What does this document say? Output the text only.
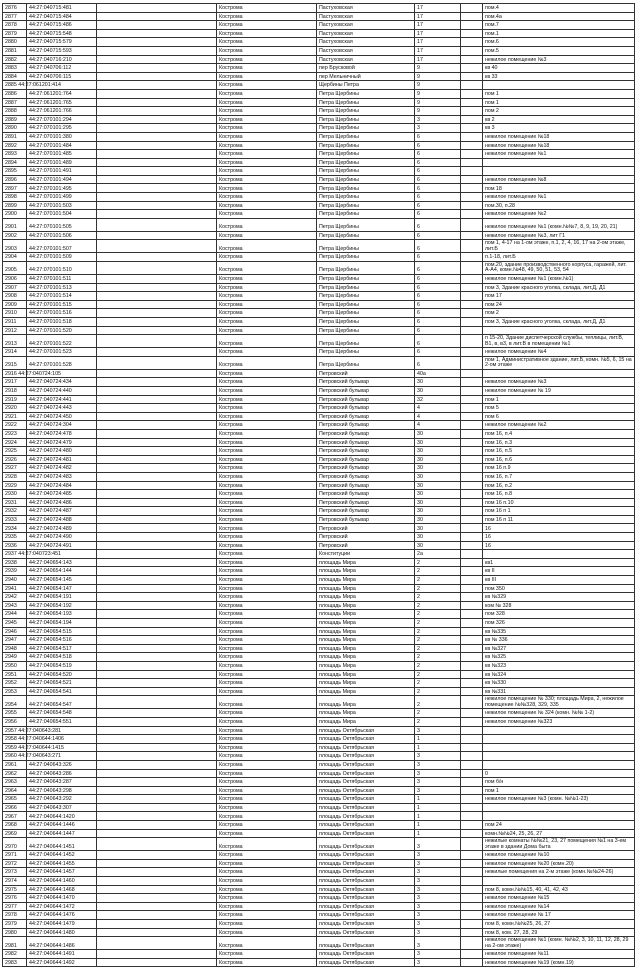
2876	44:27:040715:481		Кострома	Пастуховская	17		пом.4
2877	44:27:040715:484		Кострома	Пастуховская	17		пом.4а
2878	44:27:040715:486		Кострома	Пастуховская	17		пом.7
2879	44:27:040715:548		Кострома	Пастуховская	17		пом.1
2880	44:27:040715:579		Кострома	Пастуховская	17		пом.6
2881	44:27:040715:593		Кострома	Пастуховская	17		пом.5
2882	44:27:040716:210		Кострома	Пастуховская	17		нежилое помещение №3
2883	44:27:040706:112		Кострома	пер Брусковой	9		кв 40
2884	44:27:040706:115		Кострома	пер Мельничный	9		кв 33
2885 44:27:061201:414			Кострома	Щербины Петра	9		
2886	44:27:061201:764		Кострома	Петра Щербины	9		пом 1
2887	44:27:061201:765		Кострома	Петра Щербины	9		пом 1
2888	44:27:061201:766		Кострома	Петра Щербины	9		пом 2
2889	44:27:070101:294		Кострома	Петра Щербины	3		кв 2
2890	44:27:070101:295		Кострома	Петра Щербины	3		кв 3
2891	44:27:070101:380		Кострома	Петра Щербины	6		нежилое помещение №18
2892	44:27:070101:484		Кострома	Петра Щербины	6		нежилое помещение №18
2893	44:27:070101:485		Кострома	Петра Щербины	6		нежилое помещение №1
2894	44:27:070101:489		Кострома	Петра Щербины	6		
2895	44:27:070101:491		Кострома	Петра Щербины	6		
2896	44:27:070101:494		Кострома	Петра Щербины	6		нежилое помещение №8
2897	44:27:070101:495		Кострома	Петра Щербины	6		пом 18
2898	44:27:070101:499		Кострома	Петра Щербины	6		нежилое помещение №1
2899	44:27:070101:503		Кострома	Петра Щербины	6		пом.30, п.28
2900	44:27:070101:504		Кострома	Петра Щербины	6		нежилое помещение №2
2901	44:27:070101:505		Кострома	Петра Щербины	6		нежилое помещение №1 (комн.№№7, 8, 9, 19, 20, 21)
2902	44:27:070101:506		Кострома	Петра Щербины	6		нежилое помещение №3, лит Г1
2903	44:27:070101:507		Кострома	Петра Щербины	6		пом 1, 4-17 на 1-ом этаже, п.1, 2, 4, 16, 17 на 2-ом этаже, лит.Б
2904	44:27:070101:509		Кострома	Петра Щербины	6		п.1-18, лит.Б
2905	44:27:070101:510		Кострома	Петра Щербины	6		пом.20, здание производственного корпуса, гаражей, лит. А-А4, комн.№48, 49, 50, 51, 53, 54
2906	44:27:070101:511		Кострома	Петра Щербины	6		нежилое помещение №1 (комн.№1)
2907	44:27:070101:513		Кострома	Петра Щербины	6		пом 3, Здание красного уголка, склада, лит.Д, Д1
2908	44:27:070101:514		Кострома	Петра Щербины	6		пом 17
2909	44:27:070101:515		Кострома	Петра Щербины	6		пом 24
2910	44:27:070101:516		Кострома	Петра Щербины	6		пом 2
2911	44:27:070101:518		Кострома	Петра Щербины	6		пом 3, Здание красного уголка, склада, лит.Д, Д1
2912	44:27:070101:520		Кострома	Петра Щербины	6		
2913	44:27:070101:522		Кострома	Петра Щербины	6		п 15-20, Здание диспетчерской службы, теплицы, лит.В, В1, в, в3, в лит.В в помещении №1
2914	44:27:070101:523		Кострома	Петра Щербины	6		нежилое помещение №4
2915	44:27:070101:528		Кострома	Петра Щербины	6		пом 1, Административное здание, лит.Б, комн. №5, 6, 15 на 2-ом этаже
2916 44:27:040724:105			Кострома	Петровский	40а		
2917	44:27:040724:434		Кострома	Петровский бульвар	30		нежилое помещение №3
2918	44:27:040724:440		Кострома	Петровский бульвар	30		нежилое помещение № 19
2919	44:27:040724:441		Кострома	Петровский бульвар	32		пом 1
2920	44:27:040724:443		Кострома	Петровский бульвар	4		пом 5
2921	44:27:040724:450		Кострома	Петровский бульвар	4		пом 6
2922	44:27:040724:304		Кострома	Петровский бульвар	4		нежилое помещение №2
2923	44:27:040724:478		Кострома	Петровский бульвар	30		пом 16, п.4
2924	44:27:040724:479		Кострома	Петровский бульвар	30		пом 16, п.3
2925	44:27:040724:480		Кострома	Петровский бульвар	30		пом 16, п.5
2926	44:27:040724:481		Кострома	Петровский бульвар	30		пом 16, п.6
2927	44:27:040724:482		Кострома	Петровский бульвар	30		пом 16 п.9
2928	44:27:040724:483		Кострома	Петровский бульвар	30		пом 16, п.7
2929	44:27:040724:484		Кострома	Петровский бульвар	30		пом 16, п.2
2930	44:27:040724:485		Кострома	Петровский бульвар	30		пом 16, п.8
2931	44:27:040724:486		Кострома	Петровский бульвар	30		пом 16 п.10
2932	44:27:040724:487		Кострома	Петровский бульвар	30		пом 16 п 1
2933	44:27:040724:488		Кострома	Петровский бульвар	30		пом 16 п 11
2934	44:27:040724:489		Кострома	Петровский	30		16
2935	44:27:040724:490		Кострома	Петровский	30		16
2936	44:27:040724:491		Кострома	Петровский	30		16
2937 44:27:040723:451			Кострома	Конституции	2а		
2938	44:27:040654:143		Кострома	площадь Мира	2		кв1
2939	44:27:040654:144		Кострома	площадь Мира	2		кв II
2940	44:27:040654:145		Кострома	площадь Мира	2		кв III
2941	44:27:040654:147		Кострома	площадь Мира	2		пом 350
2942	44:27:040654:191		Кострома	площадь Мира	2		кв №329
2943	44:27:040654:192		Кострома	площадь Мира	2		ком № 328
2944	44:27:040654:193		Кострома	площадь Мира	2		пом 328
2945	44:27:040654:194		Кострома	площадь Мира	2		пом 326
2946	44:27:040654:515		Кострома	площадь Мира	2		кв №335
2947	44:27:040654:516		Кострома	площадь Мира	2		кв № 336
2948	44:27:040654:517		Кострома	площадь Мира	2		кв №327
2949	44:27:040654:518		Кострома	площадь Мира	2		кв №325
2950	44:27:040654:519		Кострома	площадь Мира	2		кв №323
2951	44:27:040654:520		Кострома	площадь Мира	2		кв №324
2952	44:27:040654:521		Кострома	площадь Мира	2		кв №330
2953	44:27:040654:541		Кострома	площадь Мира	2		кв №331
2954	44:27:040654:547		Кострома	площадь Мира	2		нежилое помещение № 330; площадь Мира, 2, нежилое помещение №№328, 329, 335
2955	44:27:040654:548		Кострома	площадь Мира	2		нежилое помещение № 324 (комн. №№ 1-2)
2956	44:27:040654:551		Кострома	площадь Мира	2		нежилое помещение №323
2957 44:27:040643:281			Кострома	площадь Октябрьская	3		
2958 44:27:040644:1406			Кострома	площадь Октябрьская	1		
2959 44:27:040644:1415			Кострома	площадь Октябрьская	1		
2960 44:27:040643:271			Кострома	площадь Октябрьская	3		
2961	44:27:040643:326		Кострома	площадь Октябрьская	3		
2962	44:27:040643:286		Кострома	площадь Октябрьская	3		0
2963	44:27:040643:287		Кострома	площадь Октябрьская	3		пом б/н
2964	44:27:040643:298		Кострома	площадь Октябрьская	3		пом 1
2965	44:27:040643:292		Кострома	площадь Октябрьская	1		нежилое помещение №3 (комн. №№1-23)
2966	44:27:040643:307		Кострома	площадь Октябрьская	1		
2967	44:27:040644:1420		Кострома	площадь Октябрьская	1		
2968	44:27:040644:1446		Кострома	площадь Октябрьская	1		пом 24
2969	44:27:040644:1447		Кострома	площадь Октябрьская	1		комн.№№24, 25, 26, 27
2970	44:27:040644:1451		Кострома	площадь Октябрьская	3		нежилые комнаты №№21, 23, 27 помещения №1 на 3-ем этаже в здании Дома быта
2971	44:27:040644:1452		Кострома	площадь Октябрьская	3		нежилое помещение №10
2972	44:27:040644:1455		Кострома	площадь Октябрьская	3		нежилое помещение №20 (комн.20)
2973	44:27:040644:1457		Кострома	площадь Октябрьская	3		нежилые помещения на 2-м этаже (комн.№№24-26)
2974	44:27:040644:1460		Кострома	площадь Октябрьская	3		
2975	44:27:040644:1468		Кострома	площадь Октябрьская	3		пом 8, комн.№№15, 40, 41, 42, 43
2976	44:27:040644:1470		Кострома	площадь Октябрьская	3		нежилое помещение №15
2977	44:27:040644:1472		Кострома	площадь Октябрьская	3		нежилое помещение №14
2978	44:27:040644:1476		Кострома	площадь Октябрьская	3		нежилое помещение № 17
2979	44:27:040644:1479		Кострома	площадь Октябрьская	3		пом 8, комн.№№25, 26, 27
2980	44:27:040644:1480		Кострома	площадь Октябрьская	3		пом 8, ком. 27, 28, 29
2981	44:27:040644:1486		Кострома	площадь Октябрьская	3		нежилое помещение №1 (комн. №№2, 3, 10, 11, 12, 28, 29 на 2-ом этаже)
2982	44:27:040644:1491		Кострома	площадь Октябрьская	3		нежилое помещение №11
2983	44:27:040644:1492		Кострома	площадь Октябрьская	3		нежилое помещение №19 (комн.19)
